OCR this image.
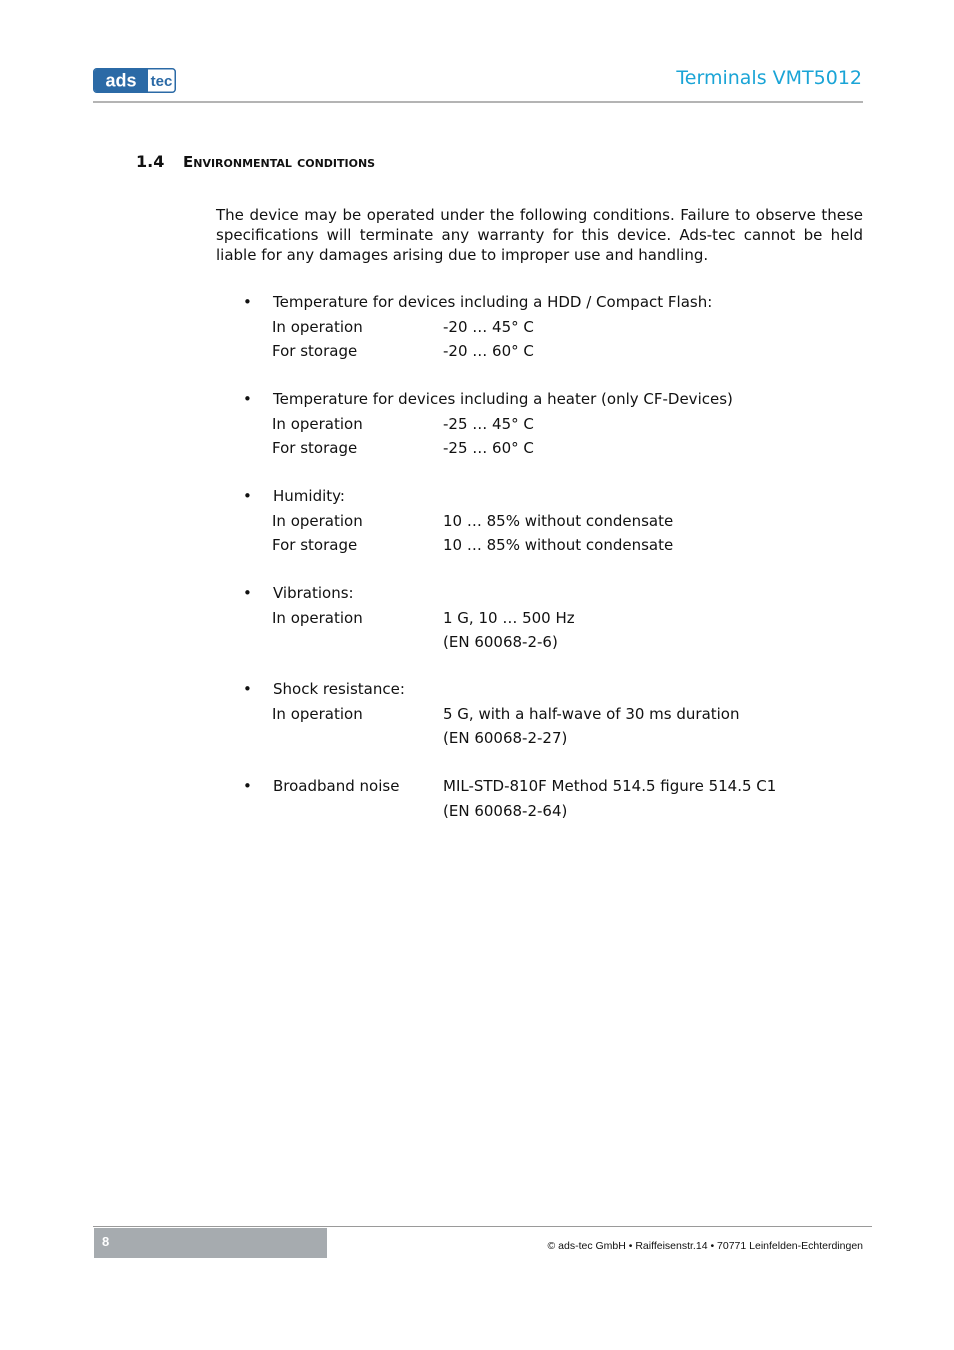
ads tec	Terminals VMT5012
1.4 Environmental conditions

The device may be operated under the following conditions. Failure to observe these specifications will terminate any warranty for this device. Ads-tec cannot be held liable for any damages arising due to improper use and handling.

• Temperature for devices including a HDD / Compact Flash:
In operation	-20 … 45° C
For storage	-20 … 60° C
• Temperature for devices including a heater (only CF-Devices)
In operation	-25 … 45° C
For storage	-25 … 60° C
• Humidity:
In operation	10 … 85% without condensate
For storage	10 … 85% without condensate
• Vibrations:
In operation	1 G, 10 … 500 Hz
(EN 60068-2-6)
• Shock resistance:
In operation	5 G, with a half-wave of 30 ms duration
(EN 60068-2-27)
• Broadband noise	MIL-STD-810F Method 514.5 figure 514.5 C1
(EN 60068-2-64)
8	© ads-tec GmbH • Raiffeisenstr.14 • 70771 Leinfelden-Echterdingen
